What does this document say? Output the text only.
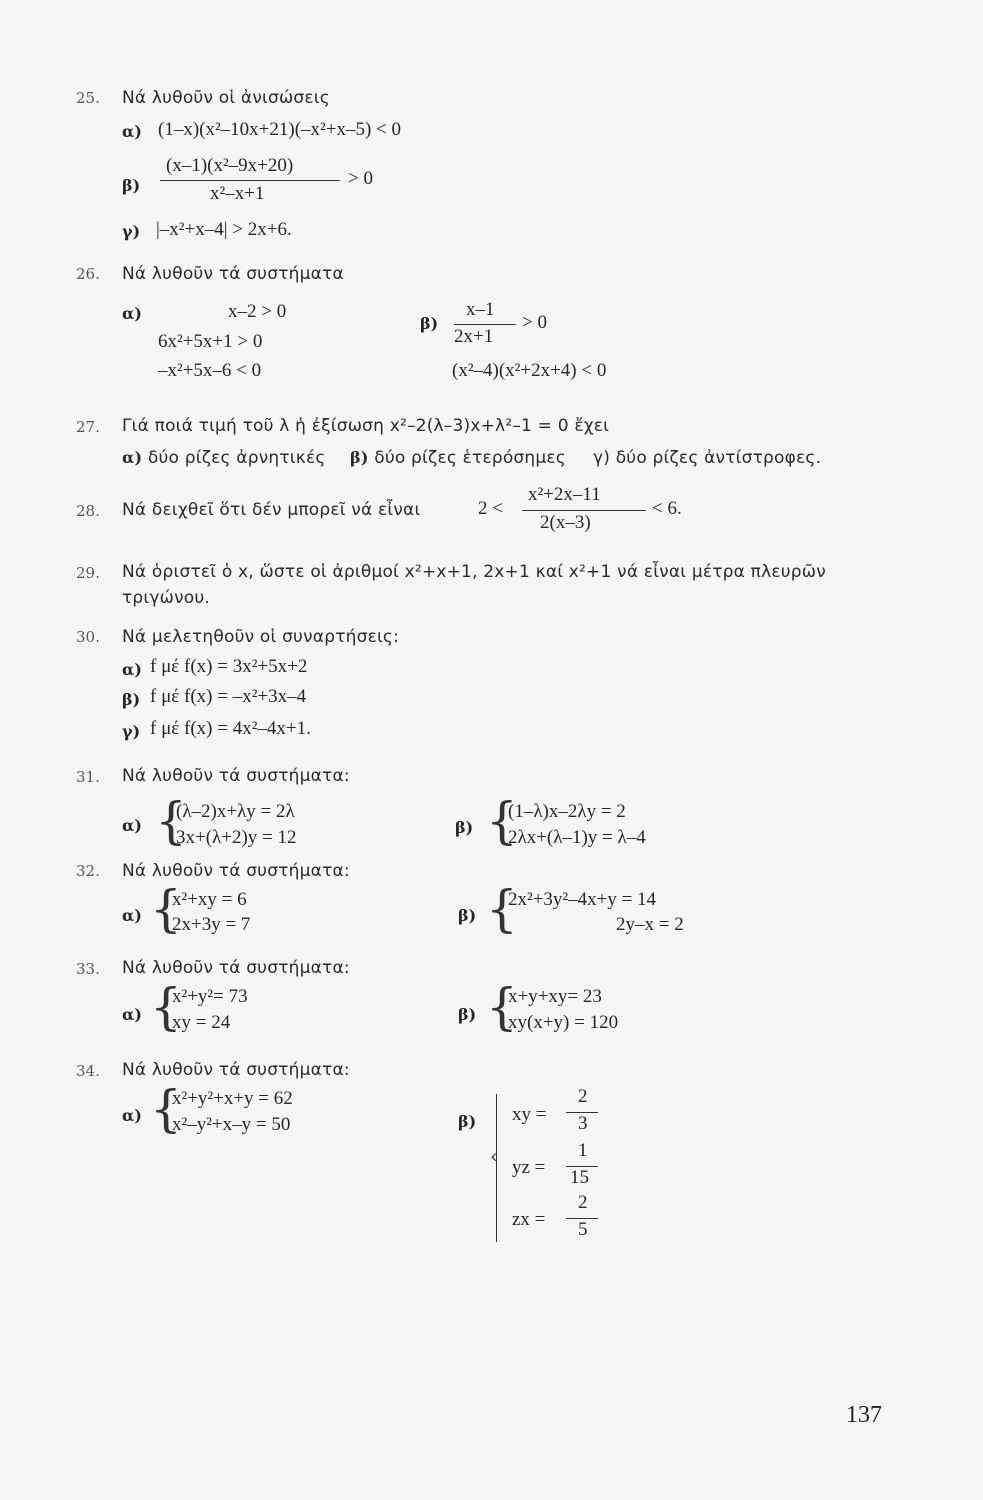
25. Νά λυθοῦν οἱ ἀνισώσεις
α) (1–x)(x²–10x+21)(–x²+x–5) < 0
β)
(x–1)(x²–9x+20)
x²–x+1
> 0
γ) |–x²+x–4| > 2x+6.
26. Νά λυθοῦν τά συστήματα
α)	x–2 > 0
6x²+5x+1 > 0
–x²+5x–6 < 0
β)
x–1
2x+1
> 0
(x²–4)(x²+2x+4) < 0
27. Γιά ποιά τιμή τοῦ λ ἡ ἐξίσωση x²–2(λ–3)x+λ²–1 = 0 ἔχει
α) δύο ρίζες ἀρνητικές β) δύο ρίζες ἑτερόσημες γ) δύο ρίζες ἀντίστροφες.
28. Νά δειχθεῖ ὅτι δέν μπορεῖ νά εἶναι	2 <
x²+2x–11
2(x–3)
< 6.
29. Νά ὁριστεῖ ὁ x, ὥστε οἱ ἀριθμοί x²+x+1, 2x+1 καί x²+1 νά εἶναι μέτρα πλευρῶν
τριγώνου.
30. Νά μελετηθοῦν οἱ συναρτήσεις:
α) f μέ f(x) = 3x²+5x+2
β) f μέ f(x) = –x²+3x–4
γ) f μέ f(x) = 4x²–4x+1.
31. Νά λυθοῦν τά συστήματα:
α) {
(λ–2)x+λy = 2λ
3x+(λ+2)y = 12	β) {
(1–λ)x–2λy = 2
2λx+(λ–1)y = λ–4
32. Νά λυθοῦν τά συστήματα:
α) {
x²+xy = 6
2x+3y = 7	β) {
2x²+3y²–4x+y = 14
2y–x = 2
33. Νά λυθοῦν τά συστήματα:
α) {
x²+y²= 73
xy = 24	β) {
x+y+xy= 23
xy(x+y) = 120
34. Νά λυθοῦν τά συστήματα:
α) {
x²+y²+x+y = 62
x²–y²+x–y = 50	β)
‹
xy =
2
3
yz =
1
15
zx =
2
5
137
